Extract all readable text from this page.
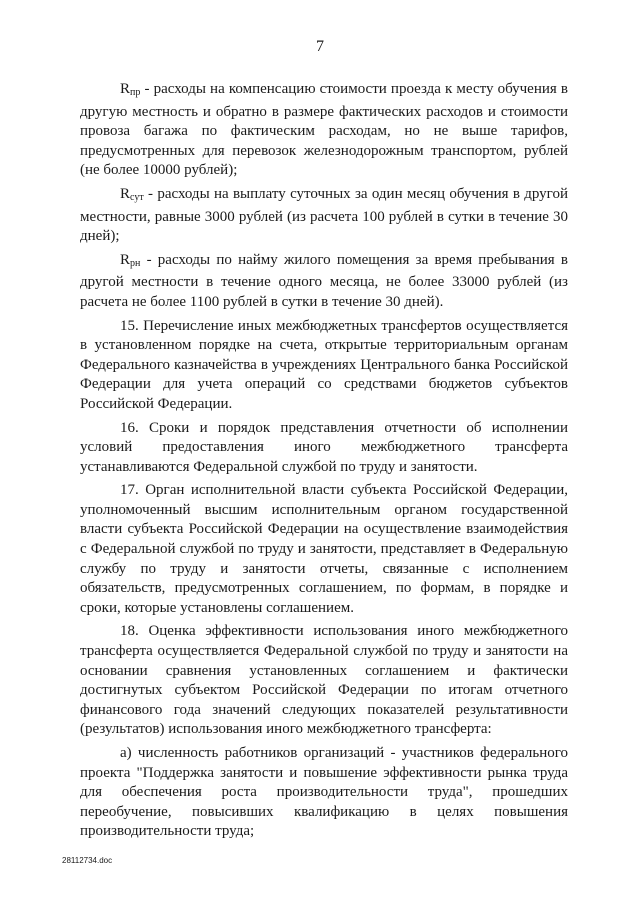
7

$R_{пр}$ - расходы на компенсацию стоимости проезда к месту обучения в другую местность и обратно в размере фактических расходов и стоимости провоза багажа по фактическим расходам, но не выше тарифов, предусмотренных для перевозок железнодорожным транспортом, рублей (не более 10000 рублей);

$R_{сут}$ - расходы на выплату суточных за один месяц обучения в другой местности, равные 3000 рублей (из расчета 100 рублей в сутки в течение 30 дней);

$R_{рн}$ - расходы по найму жилого помещения за время пребывания в другой местности в течение одного месяца, не более 33000 рублей (из расчета не более 1100 рублей в сутки в течение 30 дней).

15. Перечисление иных межбюджетных трансфертов осуществляется в установленном порядке на счета, открытые территориальным органам Федерального казначейства в учреждениях Центрального банка Российской Федерации для учета операций со средствами бюджетов субъектов Российской Федерации.

16. Сроки и порядок представления отчетности об исполнении условий предоставления иного межбюджетного трансферта устанавливаются Федеральной службой по труду и занятости.

17. Орган исполнительной власти субъекта Российской Федерации, уполномоченный высшим исполнительным органом государственной власти субъекта Российской Федерации на осуществление взаимодействия с Федеральной службой по труду и занятости, представляет в Федеральную службу по труду и занятости отчеты, связанные с исполнением обязательств, предусмотренных соглашением, по формам, в порядке и сроки, которые установлены соглашением.

18. Оценка эффективности использования иного межбюджетного трансферта осуществляется Федеральной службой по труду и занятости на основании сравнения установленных соглашением и фактически достигнутых субъектом Российской Федерации по итогам отчетного финансового года значений следующих показателей результативности (результатов) использования иного межбюджетного трансферта:

а) численность работников организаций - участников федерального проекта "Поддержка занятости и повышение эффективности рынка труда для обеспечения роста производительности труда", прошедших переобучение, повысивших квалификацию в целях повышения производительности труда;

28112734.doc
